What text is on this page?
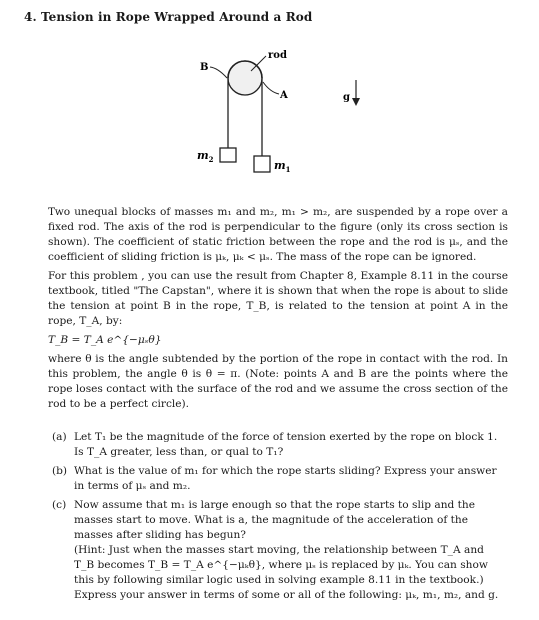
4. Tension in Rope Wrapped Around a Rod
rod
B
A	g
$m_2$	$m_1$

Two unequal blocks of masses m₁ and m₂, m₁ > m₂, are suspended by a rope over a fixed rod. The axis of the rod is perpendicular to the figure (only its cross section is shown). The coefficient of static friction between the rope and the rod is μₛ, and the coefficient of sliding friction is μₖ, μₖ < μₛ. The mass of the rope can be ignored.

For this problem , you can use the result from Chapter 8, Example 8.11 in the course textbook, titled "The Capstan", where it is shown that when the rope is about to slide the tension at point B in the rope, T_B, is related to the tension at point A in the rope, T_A, by:

T_B = T_A e^{−μₛθ}

where θ is the angle subtended by the portion of the rope in contact with the rod. In this problem, the angle θ is θ = π. (Note: points A and B are the points where the rope loses contact with the surface of the rod and we assume the cross section of the rod to be a perfect circle).

(a) Let T₁ be the magnitude of the force of tension exerted by the rope on block 1. Is T_A greater, less than, or qual to T₁?

(b) What is the value of m₁ for which the rope starts sliding? Express your answer in terms of μₛ and m₂.

(c) Now assume that m₁ is large enough so that the rope starts to slip and the masses start to move. What is a, the magnitude of the acceleration of the masses after sliding has begun?

(Hint: Just when the masses start moving, the relationship between T_A and T_B becomes T_B = T_A e^{−μₖθ}, where μₛ is replaced by μₖ. You can show this by following similar logic used in solving example 8.11 in the textbook.)

Express your answer in terms of some or all of the following: μₖ, m₁, m₂, and g.
